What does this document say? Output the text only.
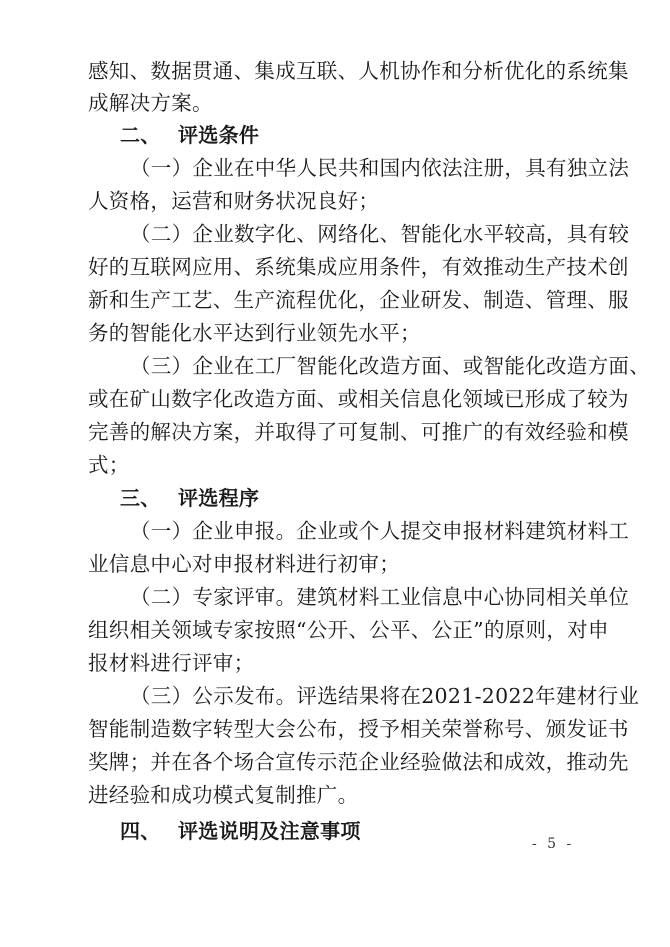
感知、数据贯通、集成互联、人机协作和分析优化的系统集
成解决方案。
二、 评选条件
（一）企业在中华人民共和国内依法注册，具有独立法
人资格，运营和财务状况良好；
（二）企业数字化、网络化、智能化水平较高，具有较
好的互联网应用、系统集成应用条件，有效推动生产技术创
新和生产工艺、生产流程优化，企业研发、制造、管理、服
务的智能化水平达到行业领先水平；
（三）企业在工厂智能化改造方面、或智能化改造方面、
或在矿山数字化改造方面、或相关信息化领域已形成了较为
完善的解决方案，并取得了可复制、可推广的有效经验和模
式；
三、 评选程序
（一）企业申报。企业或个人提交申报材料建筑材料工
业信息中心对申报材料进行初审；
（二）专家评审。建筑材料工业信息中心协同相关单位
组织相关领域专家按照“公开、公平、公正”的原则，对申
报材料进行评审；
（三）公示发布。评选结果将在2021-2022年建材行业
智能制造数字转型大会公布，授予相关荣誉称号、颁发证书
奖牌；并在各个场合宣传示范企业经验做法和成效，推动先
进经验和成功模式复制推广。
四、 评选说明及注意事项
- 5 -
